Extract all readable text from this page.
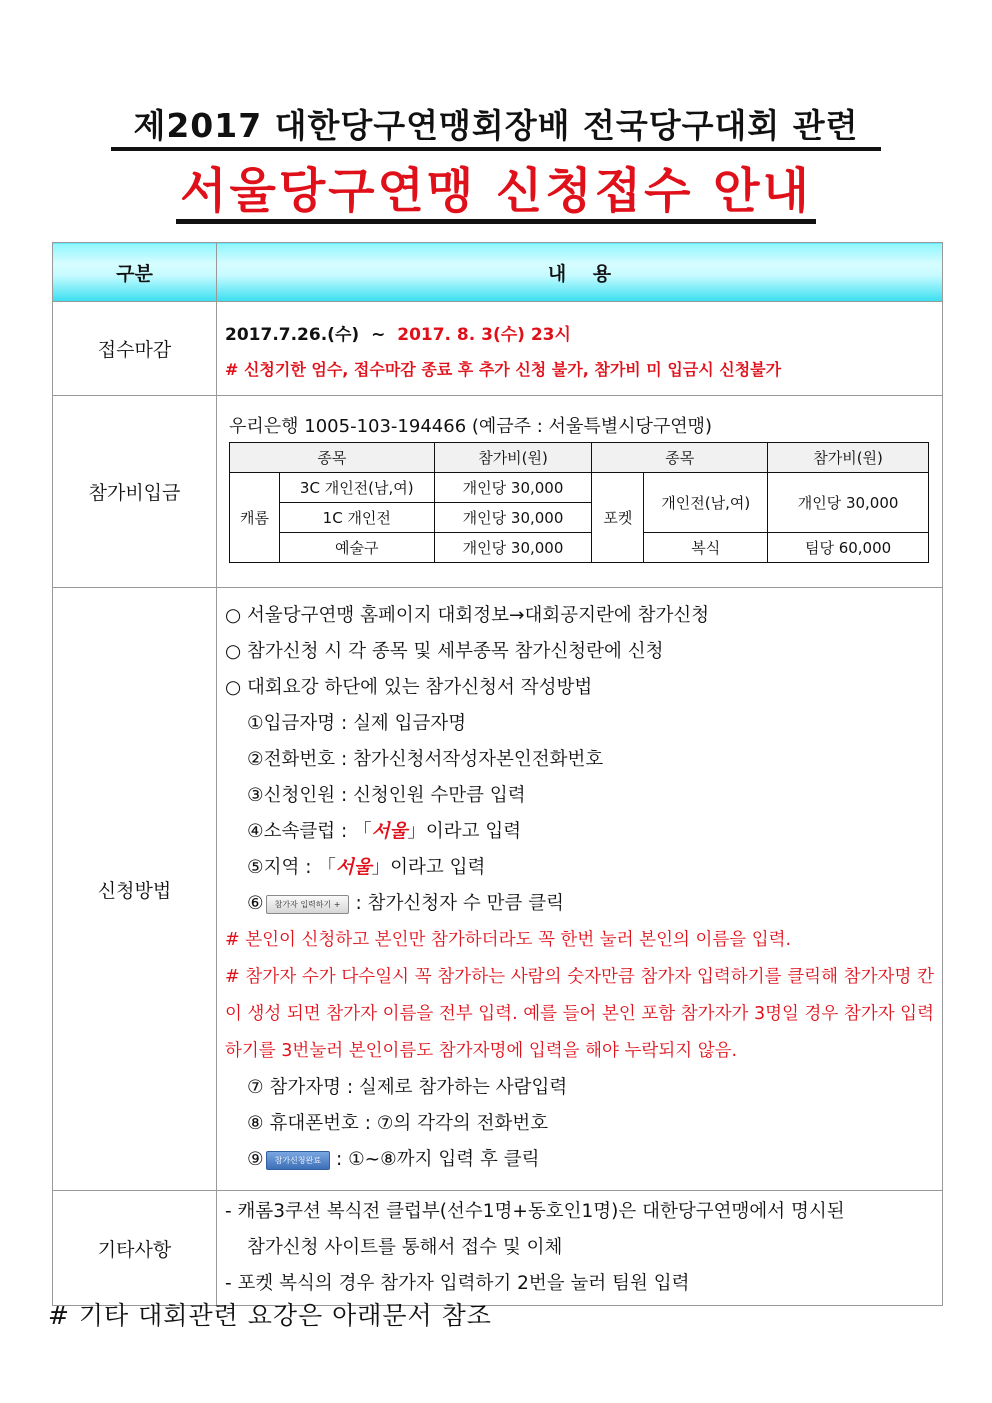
제2017 대한당구연맹회장배 전국당구대회 관련
서울당구연맹 신청접수 안내
구분	내    용
접수마감	
2017.7.26.(수) ~ 2017. 8. 3(수) 23시
# 신청기한 엄수, 접수마감 종료 후 추가 신청 불가, 참가비 미 입금시 신청불가

참가비입금	
우리은행 1005-103-194466 (예금주 : 서울특별시당구연맹)
종목	참가비(원)	종목	참가비(원)
캐롬	3C 개인전(남,여)	개인당 30,000	포켓	개인전(남,여)	개인당 30,000
1C 개인전	개인당 30,000
예술구	개인당 30,000	복식	팀당 60,000

신청방법	
○ 서울당구연맹 홈페이지 대회정보→대회공지란에 참가신청
○ 참가신청 시 각 종목 및 세부종목 참가신청란에 신청
○ 대회요강 하단에 있는 참가신청서 작성방법
①입금자명 : 실제 입금자명
②전화번호 : 참가신청서작성자본인전화번호
③신청인원 : 신청인원 수만큼 입력
④소속클럽 : 「서울」이라고 입력
⑤지역 : 「서울」이라고 입력
⑥ 참가자 입력하기 + : 참가신청자 수 만큼 클릭
# 본인이 신청하고 본인만 참가하더라도 꼭 한번 눌러 본인의 이름을 입력.
# 참가자 수가 다수일시 꼭 참가하는 사람의 숫자만큼 참가자 입력하기를 클릭해 참가자명 칸이 생성 되면 참가자 이름을 전부 입력. 예를 들어 본인 포함 참가자가 3명일 경우 참가자 입력하기를 3번눌러 본인이름도 참가자명에 입력을 해야 누락되지 않음.
⑦ 참가자명 : 실제로 참가하는 사람입력
⑧ 휴대폰번호 : ⑦의 각각의 전화번호
⑨ 참가신청완료 : ①~⑧까지 입력 후 클릭

기타사항	
- 캐롬3쿠션 복식전 클럽부(선수1명+동호인1명)은 대한당구연맹에서 명시된
참가신청 사이트를 통해서 접수 및 이체
- 포켓 복식의 경우 참가자 입력하기 2번을 눌러 팀원 입력
# 기타 대회관련 요강은 아래문서 참조
